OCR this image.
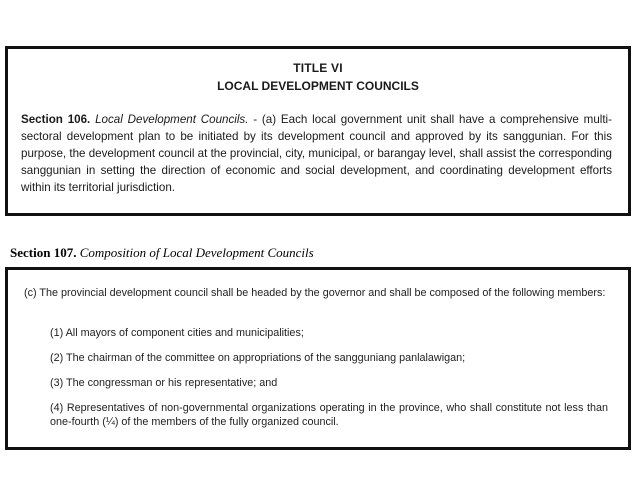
TITLE VI
LOCAL DEVELOPMENT COUNCILS
Section 106. Local Development Councils. - (a) Each local government unit shall have a comprehensive multi-sectoral development plan to be initiated by its development council and approved by its sanggunian. For this purpose, the development council at the provincial, city, municipal, or barangay level, shall assist the corresponding sanggunian in setting the direction of economic and social development, and coordinating development efforts within its territorial jurisdiction.
Section 107. Composition of Local Development Councils
(c) The provincial development council shall be headed by the governor and shall be composed of the following members:
(1) All mayors of component cities and municipalities;
(2) The chairman of the committee on appropriations of the sangguniang panlalawigan;
(3) The congressman or his representative; and
(4) Representatives of non-governmental organizations operating in the province, who shall constitute not less than one-fourth (¼) of the members of the fully organized council.
